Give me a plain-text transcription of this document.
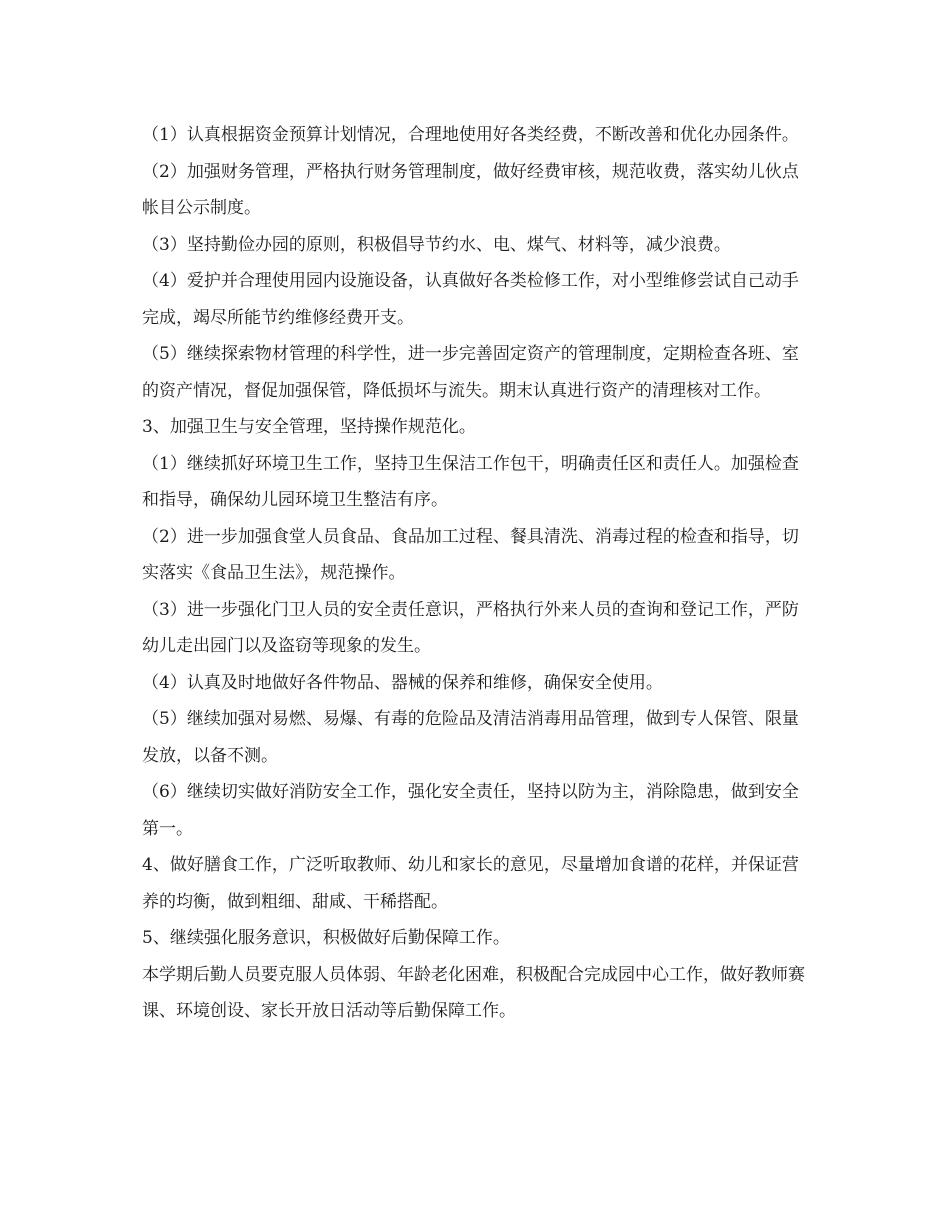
（1）认真根据资金预算计划情况，合理地使用好各类经费，不断改善和优化办园条件。

（2）加强财务管理，严格执行财务管理制度，做好经费审核，规范收费，落实幼儿伙点帐目公示制度。

（3）坚持勤俭办园的原则，积极倡导节约水、电、煤气、材料等，减少浪费。

（4）爱护并合理使用园内设施设备，认真做好各类检修工作，对小型维修尝试自己动手完成，竭尽所能节约维修经费开支。

（5）继续探索物材管理的科学性，进一步完善固定资产的管理制度，定期检查各班、室的资产情况，督促加强保管，降低损坏与流失。期末认真进行资产的清理核对工作。

3、加强卫生与安全管理，坚持操作规范化。

（1）继续抓好环境卫生工作，坚持卫生保洁工作包干，明确责任区和责任人。加强检查和指导，确保幼儿园环境卫生整洁有序。

（2）进一步加强食堂人员食品、食品加工过程、餐具清洗、消毒过程的检查和指导，切实落实《食品卫生法》，规范操作。

（3）进一步强化门卫人员的安全责任意识，严格执行外来人员的查询和登记工作，严防幼儿走出园门以及盗窃等现象的发生。

（4）认真及时地做好各件物品、器械的保养和维修，确保安全使用。

（5）继续加强对易燃、易爆、有毒的危险品及清洁消毒用品管理，做到专人保管、限量发放，以备不测。

（6）继续切实做好消防安全工作，强化安全责任，坚持以防为主，消除隐患，做到安全第一。

4、做好膳食工作，广泛听取教师、幼儿和家长的意见，尽量增加食谱的花样，并保证营养的均衡，做到粗细、甜咸、干稀搭配。

5、继续强化服务意识，积极做好后勤保障工作。

本学期后勤人员要克服人员体弱、年龄老化困难，积极配合完成园中心工作，做好教师赛课、环境创设、家长开放日活动等后勤保障工作。
